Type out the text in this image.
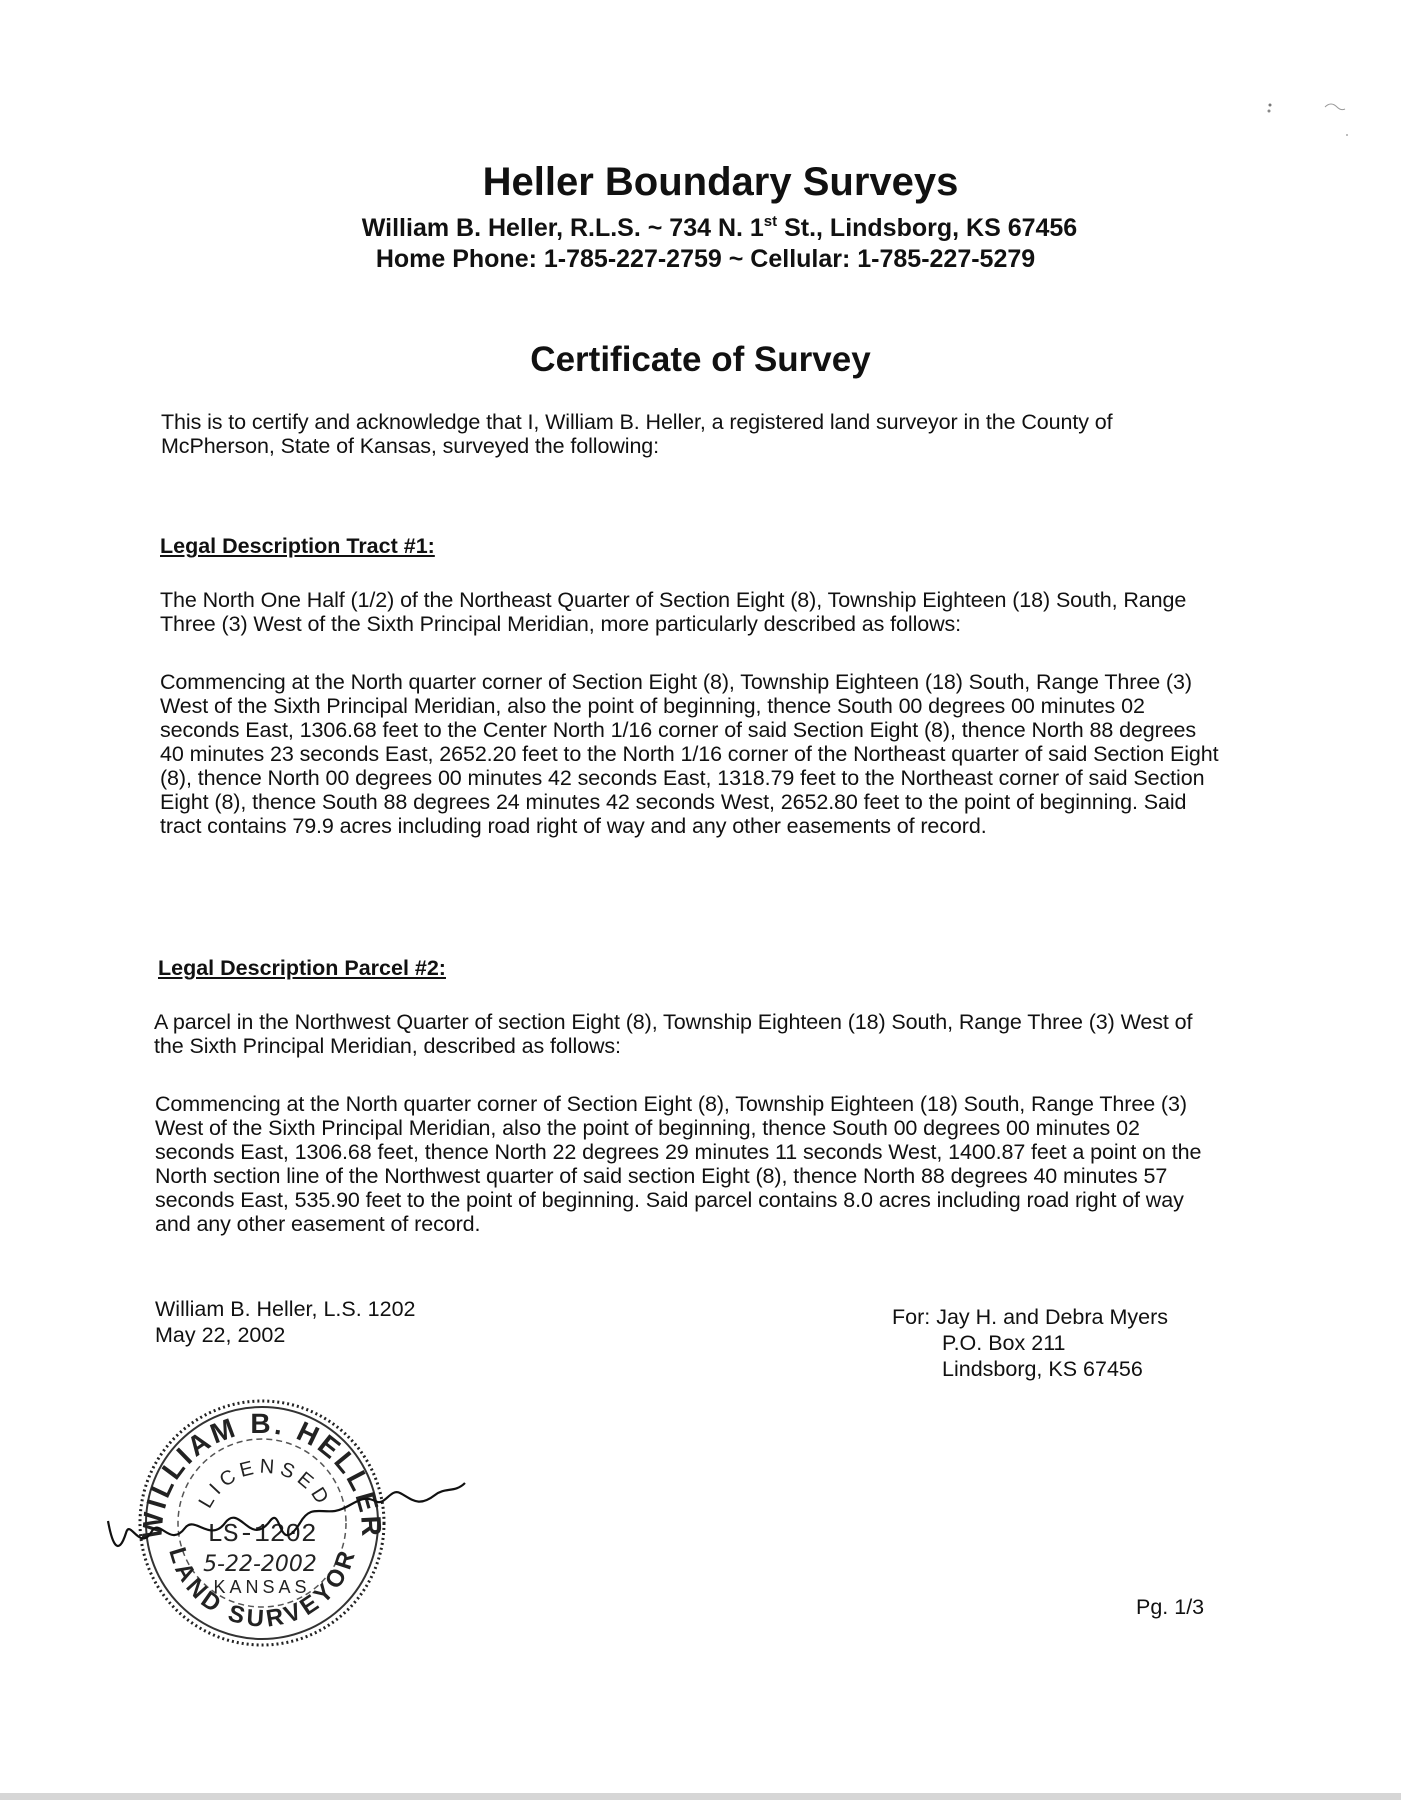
Heller Boundary Surveys

William B. Heller, R.L.S. ~ 734 N. 1st St., Lindsborg, KS 67456

Home Phone: 1-785-227-2759 ~ Cellular: 1-785-227-5279

Certificate of Survey

This is to certify and acknowledge that I, William B. Heller, a registered land surveyor in the County of McPherson, State of Kansas, surveyed the following:

Legal Description Tract #1:

The North One Half (1/2) of the Northeast Quarter of Section Eight (8), Township Eighteen (18) South, Range Three (3) West of the Sixth Principal Meridian, more particularly described as follows:

Commencing at the North quarter corner of Section Eight (8), Township Eighteen (18) South, Range Three (3) West of the Sixth Principal Meridian, also the point of beginning, thence South 00 degrees 00 minutes 02 seconds East, 1306.68 feet to the Center North 1/16 corner of said Section Eight (8), thence North 88 degrees 40 minutes 23 seconds East, 2652.20 feet to the North 1/16 corner of the Northeast quarter of said Section Eight (8), thence North 00 degrees 00 minutes 42 seconds East, 1318.79 feet to the Northeast corner of said Section Eight (8), thence South 88 degrees 24 minutes 42 seconds West, 2652.80 feet to the point of beginning. Said tract contains 79.9 acres including road right of way and any other easements of record.

Legal Description Parcel #2:

A parcel in the Northwest Quarter of section Eight (8), Township Eighteen (18) South, Range Three (3) West of the Sixth Principal Meridian, described as follows:

Commencing at the North quarter corner of Section Eight (8), Township Eighteen (18) South, Range Three (3) West of the Sixth Principal Meridian, also the point of beginning, thence South 00 degrees 00 minutes 02 seconds East, 1306.68 feet, thence North 22 degrees 29 minutes 11 seconds West, 1400.87 feet a point on the North section line of the Northwest quarter of said section Eight (8), thence North 88 degrees 40 minutes 57 seconds East, 535.90 feet to the point of beginning. Said parcel contains 8.0 acres including road right of way and any other easement of record.

William B. Heller, L.S. 1202
May 22, 2002
For: Jay H. and Debra Myers
P.O. Box 211
Lindsborg, KS 67456
WILLIAM B. HELLER
LICENSED
LS-1202
5-22-2002
KANSAS
LAND SURVEYOR
Pg. 1/3
